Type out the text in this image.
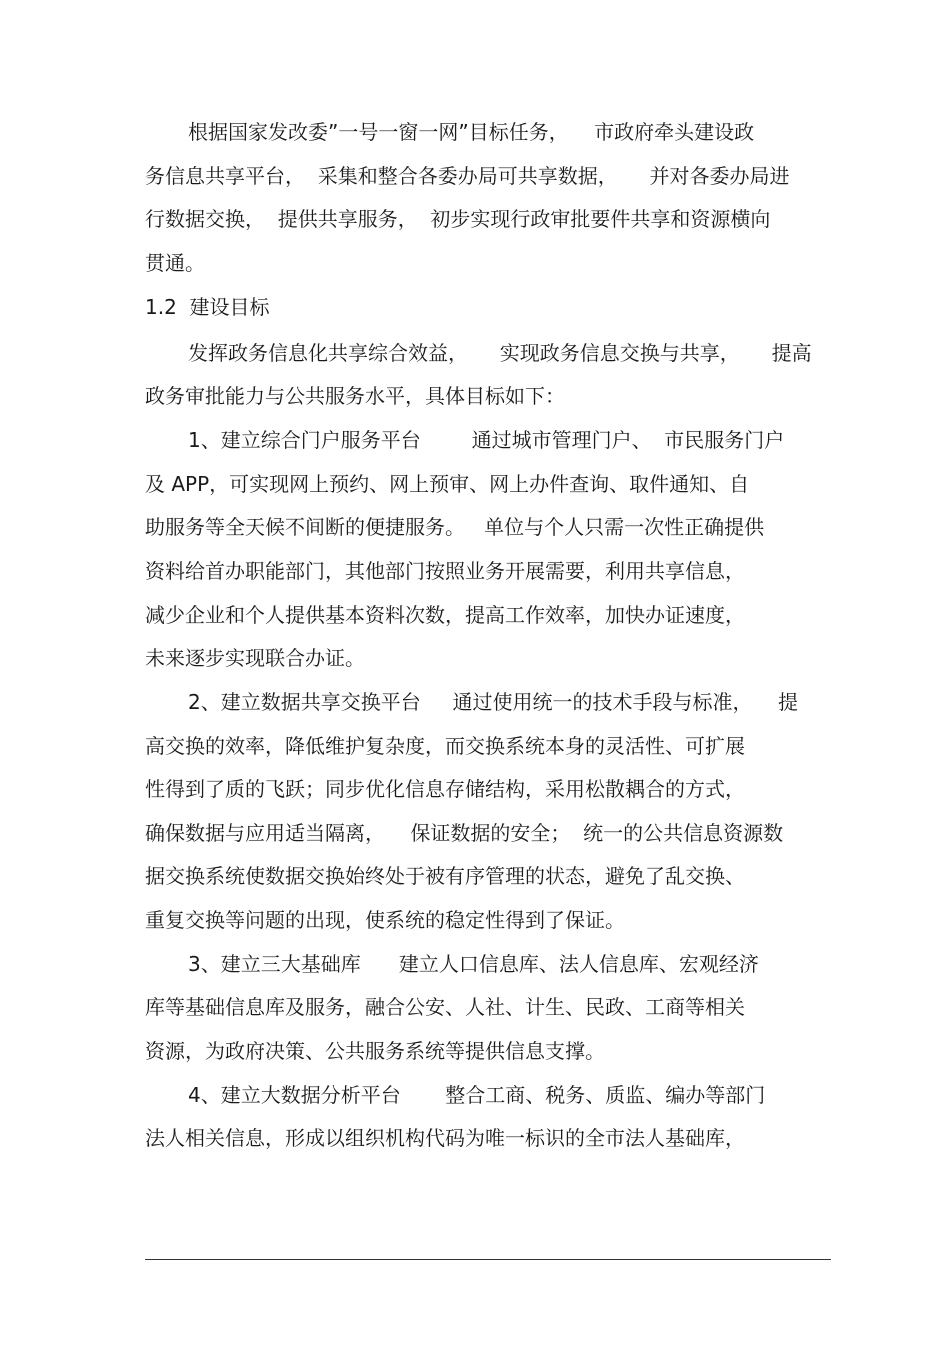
根据国家发改委”一号一窗一网”目标任务，    市政府牵头建设政
务信息共享平台，  采集和整合各委办局可共享数据，     并对各委办局进
行数据交换，  提供共享服务，  初步实现行政审批要件共享和资源横向
贯通。
1.2  建设目标
发挥政务信息化共享综合效益，     实现政务信息交换与共享，     提高
政务审批能力与公共服务水平，具体目标如下：
1、建立综合门户服务平台        通过城市管理门户、  市民服务门户
及 APP，可实现网上预约、网上预审、网上办件查询、取件通知、自
助服务等全天候不间断的便捷服务。   单位与个人只需一次性正确提供
资料给首办职能部门，其他部门按照业务开展需要，利用共享信息，
减少企业和个人提供基本资料次数，提高工作效率，加快办证速度，
未来逐步实现联合办证。
2、建立数据共享交换平台     通过使用统一的技术手段与标准，    提
高交换的效率，降低维护复杂度，而交换系统本身的灵活性、可扩展
性得到了质的飞跃；同步优化信息存储结构，采用松散耦合的方式，
确保数据与应用适当隔离，    保证数据的安全；  统一的公共信息资源数
据交换系统使数据交换始终处于被有序管理的状态，避免了乱交换、
重复交换等问题的出现，使系统的稳定性得到了保证。
3、建立三大基础库      建立人口信息库、法人信息库、宏观经济
库等基础信息库及服务，融合公安、人社、计生、民政、工商等相关
资源，为政府决策、公共服务系统等提供信息支撑。
4、建立大数据分析平台       整合工商、税务、质监、编办等部门
法人相关信息，形成以组织机构代码为唯一标识的全市法人基础库，
